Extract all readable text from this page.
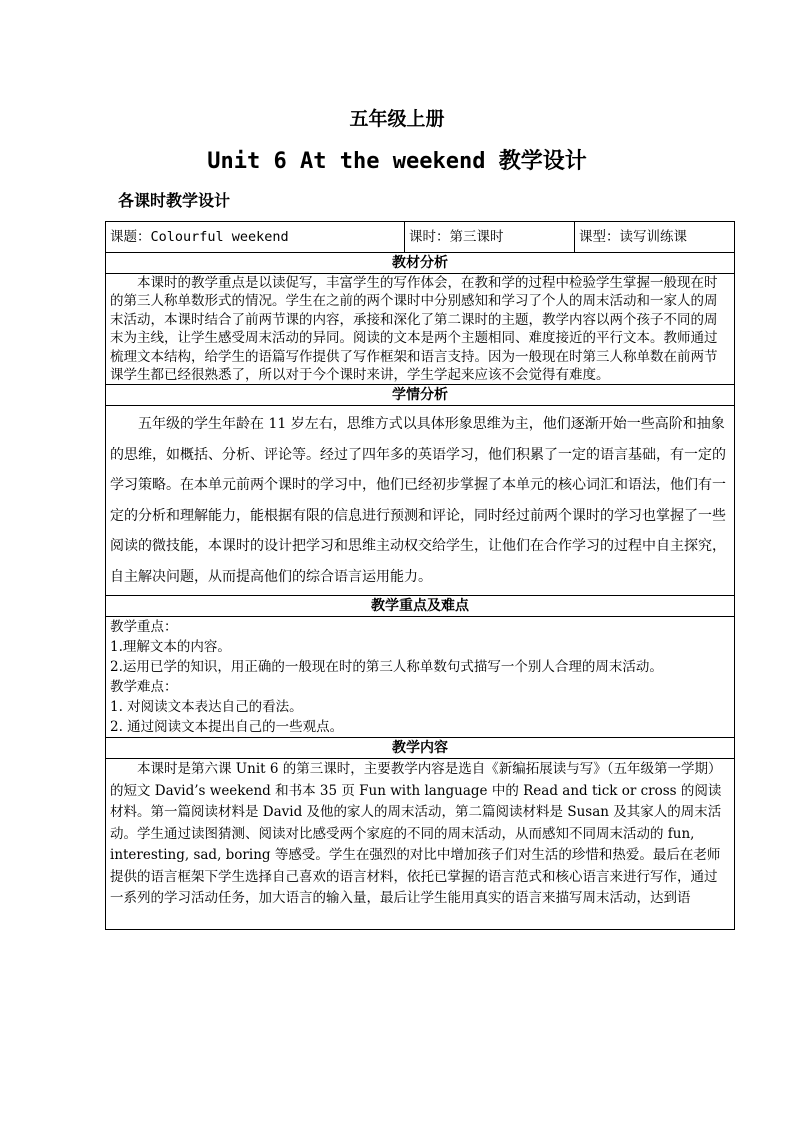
五年级上册
Unit 6 At the weekend 教学设计
各课时教学设计
课题：Colourful weekend	课时：第三课时	课型：读写训练课
教材分析
本课时的教学重点是以读促写，丰富学生的写作体会，在教和学的过程中检验学生掌握一般现在时的第三人称单数形式的情况。学生在之前的两个课时中分别感知和学习了个人的周末活动和一家人的周末活动，本课时结合了前两节课的内容，承接和深化了第二课时的主题，教学内容以两个孩子不同的周末为主线，让学生感受周末活动的异同。阅读的文本是两个主题相同、难度接近的平行文本。教师通过梳理文本结构，给学生的语篇写作提供了写作框架和语言支持。因为一般现在时第三人称单数在前两节课学生都已经很熟悉了，所以对于今个课时来讲，学生学起来应该不会觉得有难度。
学情分析
五年级的学生年龄在 11 岁左右，思维方式以具体形象思维为主，他们逐渐开始一些高阶和抽象的思维，如概括、分析、评论等。经过了四年多的英语学习，他们积累了一定的语言基础，有一定的学习策略。在本单元前两个课时的学习中，他们已经初步掌握了本单元的核心词汇和语法，他们有一定的分析和理解能力，能根据有限的信息进行预测和评论，同时经过前两个课时的学习也掌握了一些阅读的微技能，本课时的设计把学习和思维主动权交给学生，让他们在合作学习的过程中自主探究，自主解决问题，从而提高他们的综合语言运用能力。
教学重点及难点

教学重点：

1.理解文本的内容。

2.运用已学的知识，用正确的一般现在时的第三人称单数句式描写一个别人合理的周末活动。

教学难点：

1. 对阅读文本表达自己的看法。

2. 通过阅读文本提出自己的一些观点。

教学内容
本课时是第六课 Unit 6 的第三课时，主要教学内容是选自《新编拓展读与写》（五年级第一学期）的短文 David’s weekend 和书本 35 页 Fun with language 中的 Read and tick or cross 的阅读材料。第一篇阅读材料是 David 及他的家人的周末活动，第二篇阅读材料是 Susan 及其家人的周末活动。学生通过读图猜测、阅读对比感受两个家庭的不同的周末活动，从而感知不同周末活动的 fun, interesting, sad, boring 等感受。学生在强烈的对比中增加孩子们对生活的珍惜和热爱。最后在老师提供的语言框架下学生选择自己喜欢的语言材料，依托已掌握的语言范式和核心语言来进行写作，通过一系列的学习活动任务，加大语言的输入量，最后让学生能用真实的语言来描写周末活动，达到语
